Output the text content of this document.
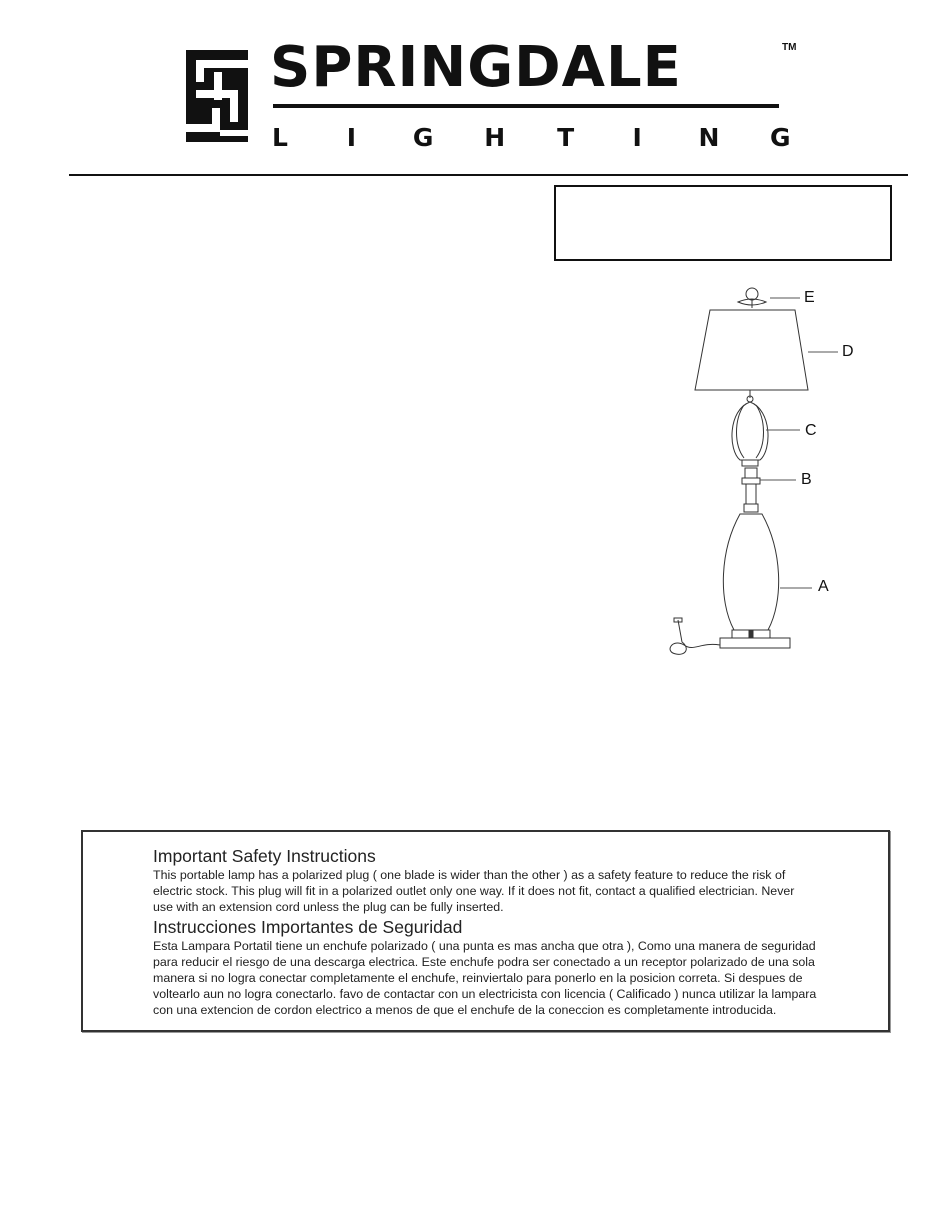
SPRINGDALE	TM
L I G H T I N G
E
D
C
B
A
Important Safety Instructions
This portable lamp has a polarized plug ( one blade is wider than the other ) as a safety feature to reduce the risk of
electric stock. This plug will fit in a polarized outlet only one way. If it does not fit, contact a qualified electrician. Never
use with an extension cord unless the plug can be fully inserted.
Instrucciones Importantes de Seguridad
Esta Lampara Portatil tiene un enchufe polarizado ( una punta es mas ancha que otra ), Como una manera de seguridad
para reducir el riesgo de una descarga electrica. Este enchufe podra ser conectado a un receptor polarizado de una sola
manera si no logra conectar completamente el enchufe, reinviertalo para ponerlo en la posicion correta. Si despues de
voltearlo aun no logra conectarlo. favo de contactar con un electricista con licencia ( Calificado ) nunca utilizar la lampara
con una extencion de cordon electrico a menos de que el enchufe de la coneccion es completamente introducida.
